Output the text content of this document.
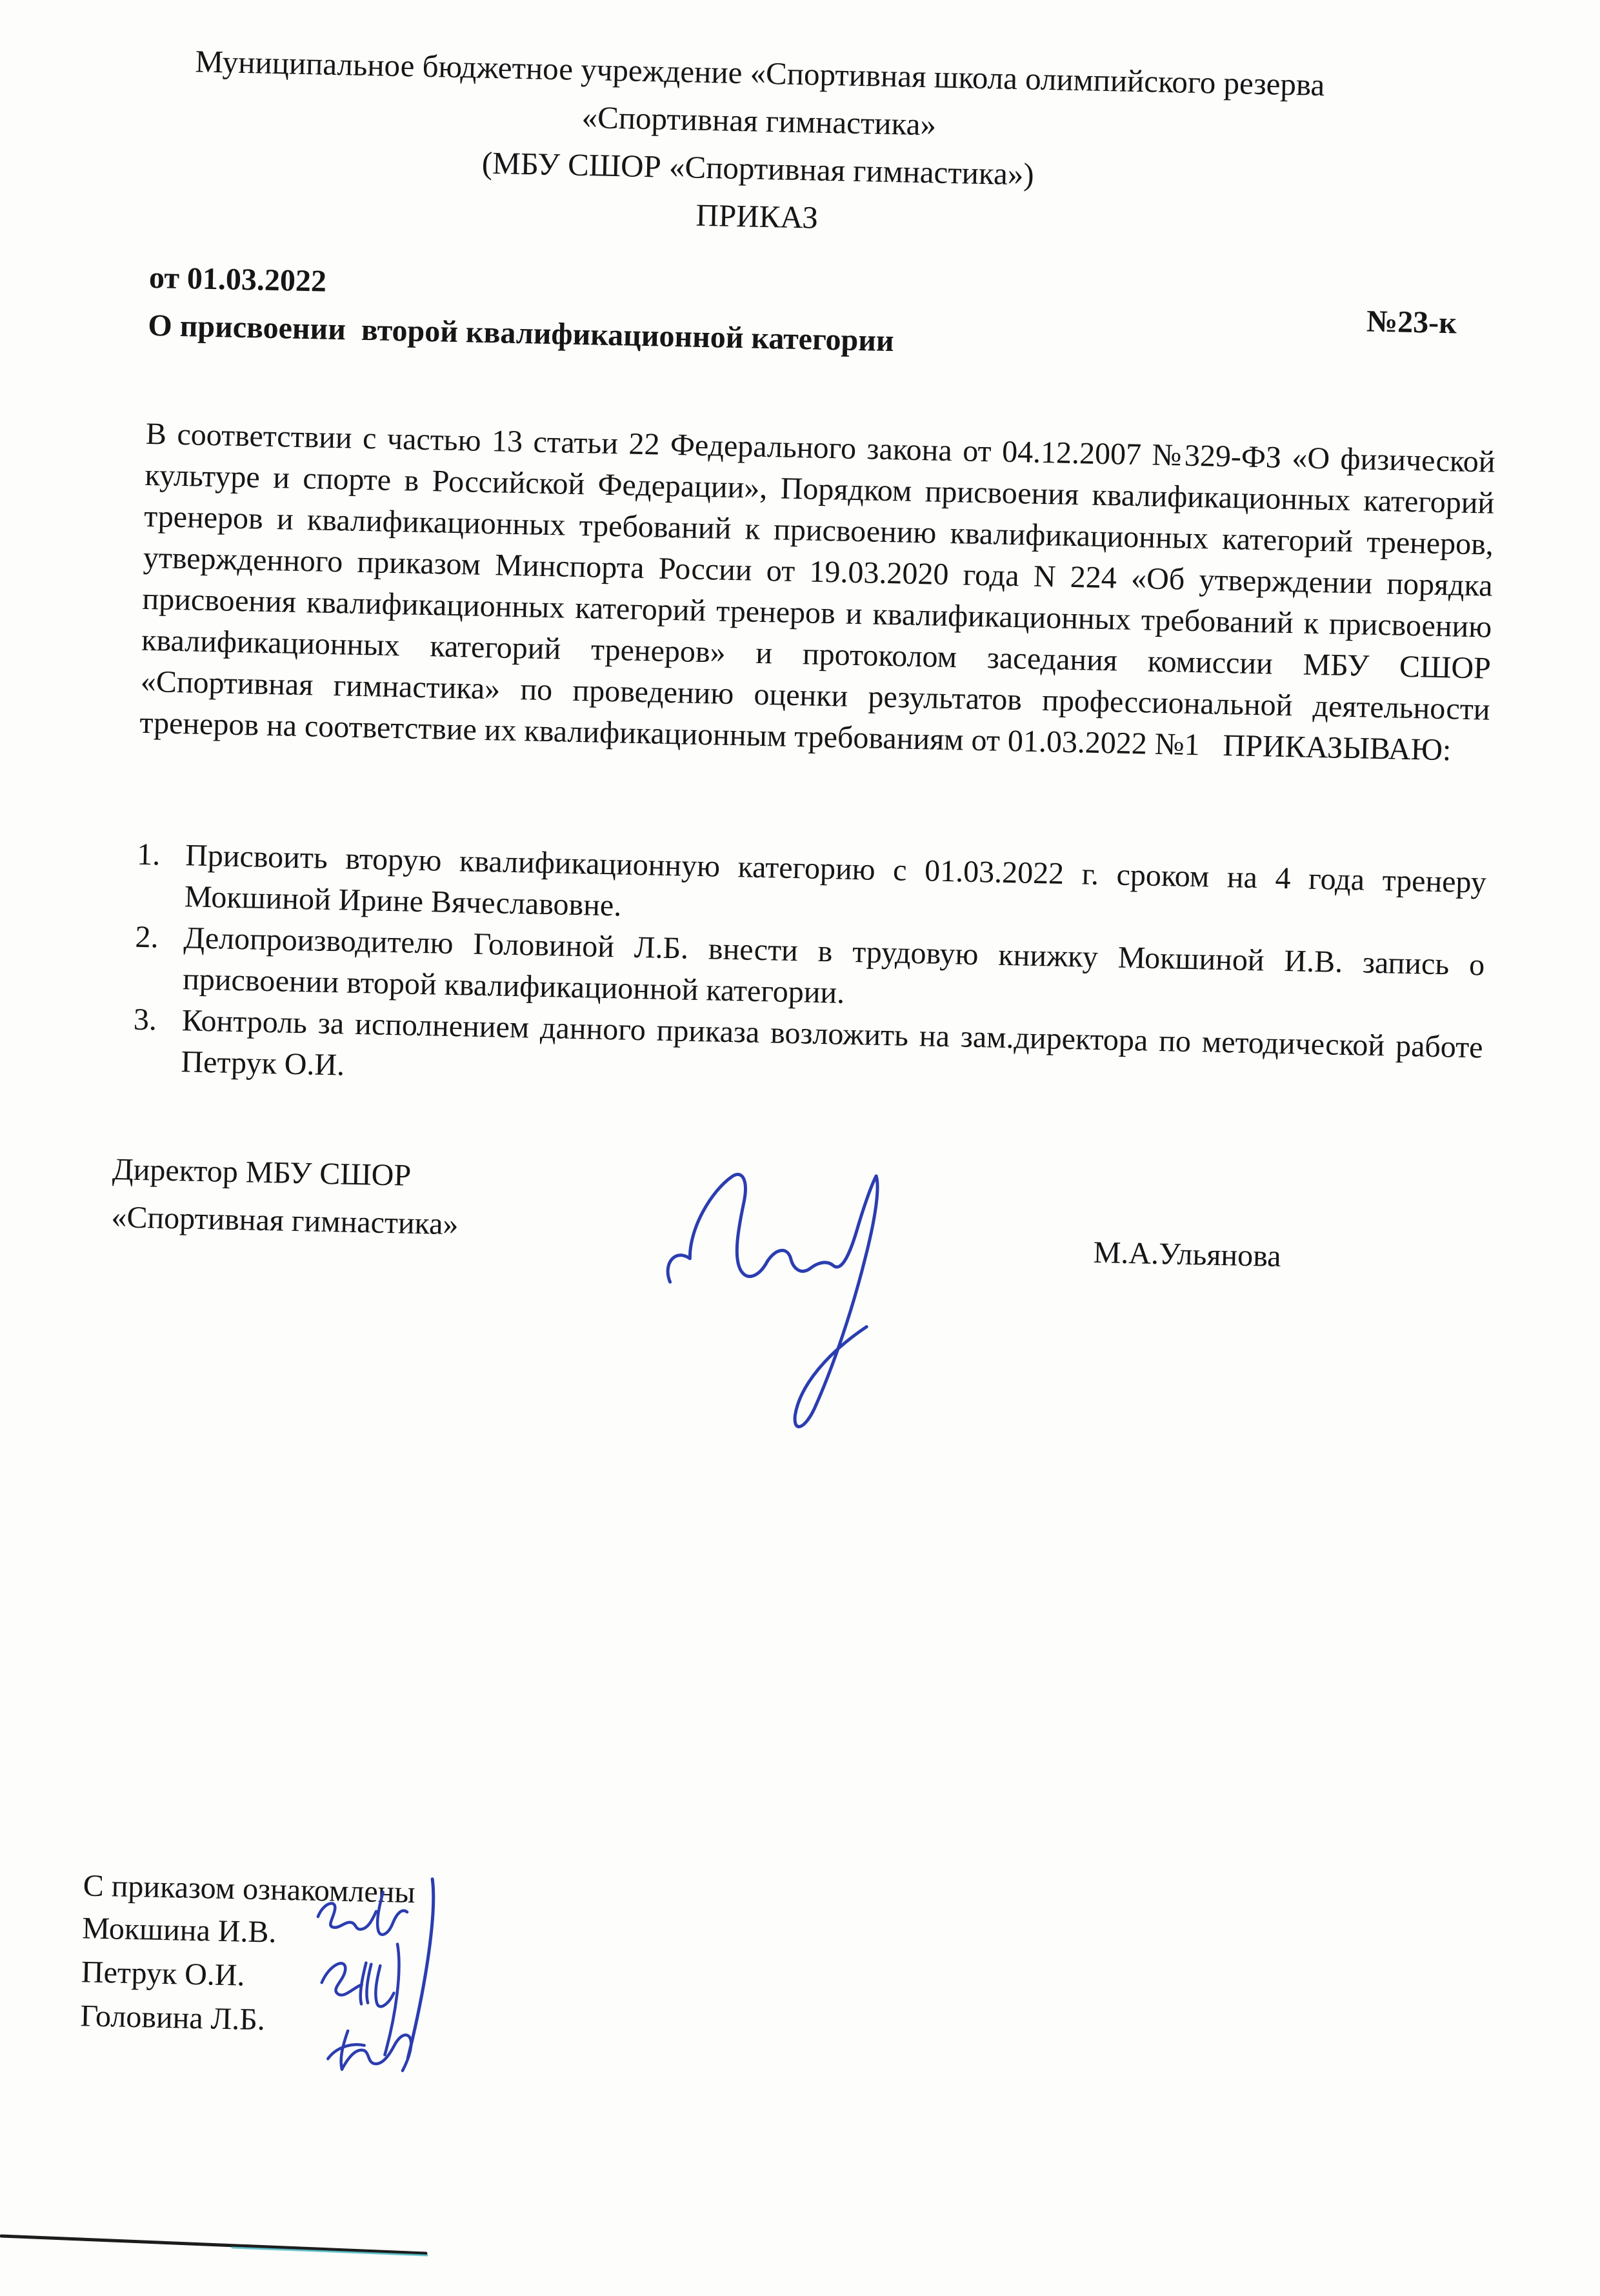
Муниципальное бюджетное учреждение «Спортивная школа олимпийского резерва
«Спортивная гимнастика»
(МБУ СШОР «Спортивная гимнастика»)
ПРИКАЗ
от 01.03.2022
О присвоении  второй квалификационной категории	№23-к

В соответствии с частью 13 статьи 22 Федерального закона от 04.12.2007 №329-ФЗ «О физической культуре и спорте в Российской Федерации», Порядком присвоения квалификационных категорий тренеров и квалификационных требований к присвоению квалификационных категорий тренеров, утвержденного приказом Минспорта России от 19.03.2020 года N 224 «Об утверждении порядка присвоения квалификационных категорий тренеров и квалификационных требований к присвоению квалификационных категорий тренеров» и протоколом заседания комиссии МБУ СШОР «Спортивная гимнастика» по проведению оценки результатов профессиональной деятельности тренеров на соответствие их квалификационным требованиям от 01.03.2022 №1   ПРИКАЗЫВАЮ:

Присвоить вторую квалификационную категорию с 01.03.2022 г. сроком на 4 года тренеру Мокшиной Ирине Вячеславовне.
Делопроизводителю Головиной Л.Б. внести в трудовую книжку Мокшиной И.В. запись о присвоении второй квалификационной категории.
Контроль за исполнением данного приказа возложить на зам.директора по методической работе Петрук О.И.
Директор МБУ СШОР
«Спортивная гимнастика»
М.А.Ульянова
С приказом ознакомлены
Мокшина И.В.
Петрук О.И.
Головина Л.Б.
